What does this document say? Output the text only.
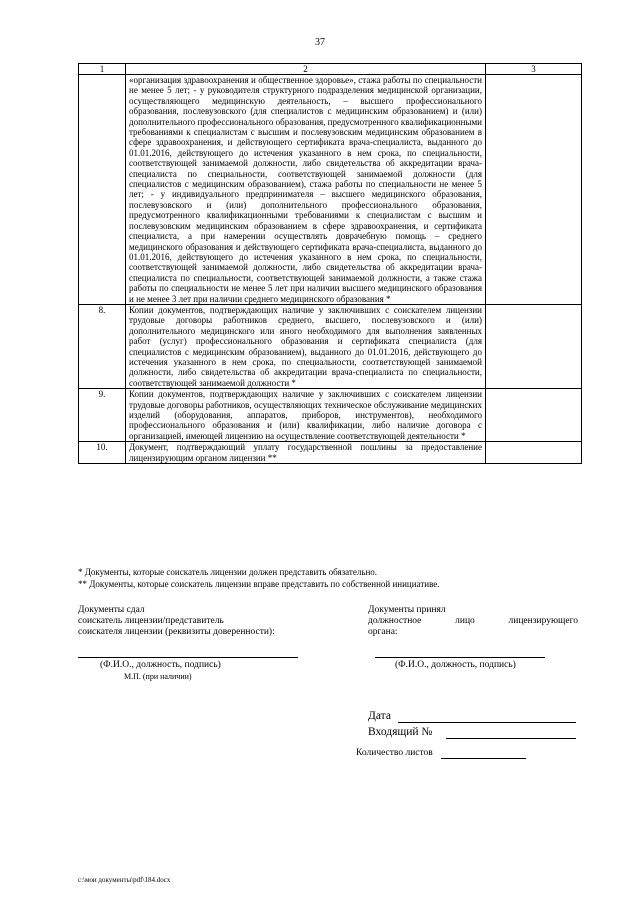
37
1	2	3
	«организация здравоохранения и общественное здоровье», стажа работы по специальности не менее 5 лет; - у руководителя структурного подразделения медицинской организации, осуществляющего медицинскую деятельность, – высшего профессионального образования, послевузовского (для специалистов с медицинским образованием) и (или) дополнительного профессионального образования, предусмотренного квалификационными требованиями к специалистам с высшим и послевузовским медицинским образованием в сфере здравоохранения, и действующего сертификата врача-специалиста, выданного до 01.01.2016, действующего до истечения указанного в нем срока, по специальности, соответствующей занимаемой должности, либо свидетельства об аккредитации врача-специалиста по специальности, соответствующей занимаемой должности (для специалистов с медицинским образованием), стажа работы по специальности не менее 5 лет; - у индивидуального предпринимателя – высшего медицинского образования, послевузовского и (или) дополнительного профессионального образования, предусмотренного квалификационными требованиями к специалистам с высшим и послевузовским медицинским образованием в сфере здравоохранения, и сертификата специалиста, а при намерении осуществлять доврачебную помощь – среднего медицинского образования и действующего сертификата врача-специалиста, выданного до 01.01.2016, действующего до истечения указанного в нем срока, по специальности, соответствующей занимаемой должности, либо свидетельства об аккредитации врача-специалиста по специальности, соответствующей занимаемой должности, а также стажа работы по специальности не менее 5 лет при наличии высшего медицинского образования и не менее 3 лет при наличии среднего медицинского образования *	
8.	Копии документов, подтверждающих наличие у заключивших с соискателем лицензии трудовые договоры работников среднего, высшего, послевузовского и (или) дополнительного медицинского или иного необходимого для выполнения заявленных работ (услуг) профессионального образования и сертификата специалиста (для специалистов с медицинским образованием), выданного до 01.01.2016, действующего до истечения указанного в нем срока, по специальности, соответствующей занимаемой должности, либо свидетельства об аккредитации врача-специалиста по специальности, соответствующей занимаемой должности *	
9.	Копии документов, подтверждающих наличие у заключивших с соискателем лицензии трудовые договоры работников, осуществляющих техническое обслуживание медицинских изделий (оборудования, аппаратов, приборов, инструментов), необходимого профессионального образования и (или) квалификации, либо наличие договора с организацией, имеющей лицензию на осуществление соответствующей деятельности *	
10.	Документ, подтверждающий уплату государственной пошлины за предоставление лицензирующим органом лицензии **	
* Документы, которые соискатель лицензии должен представить обязательно.
** Документы, которые соискатель лицензии вправе представить по собственной инициативе.
Документы сдал
соискатель лицензии/представитель
соискателя лицензии (реквизиты доверенности):
Документы принял
должностное лицо лицензирующего
органа:
(Ф.И.О., должность, подпись)	(Ф.И.О., должность, подпись)
М.П. (при наличии)
Дата
Входящий №
Количество листов
c:\мои документы\pdf\184.docx
